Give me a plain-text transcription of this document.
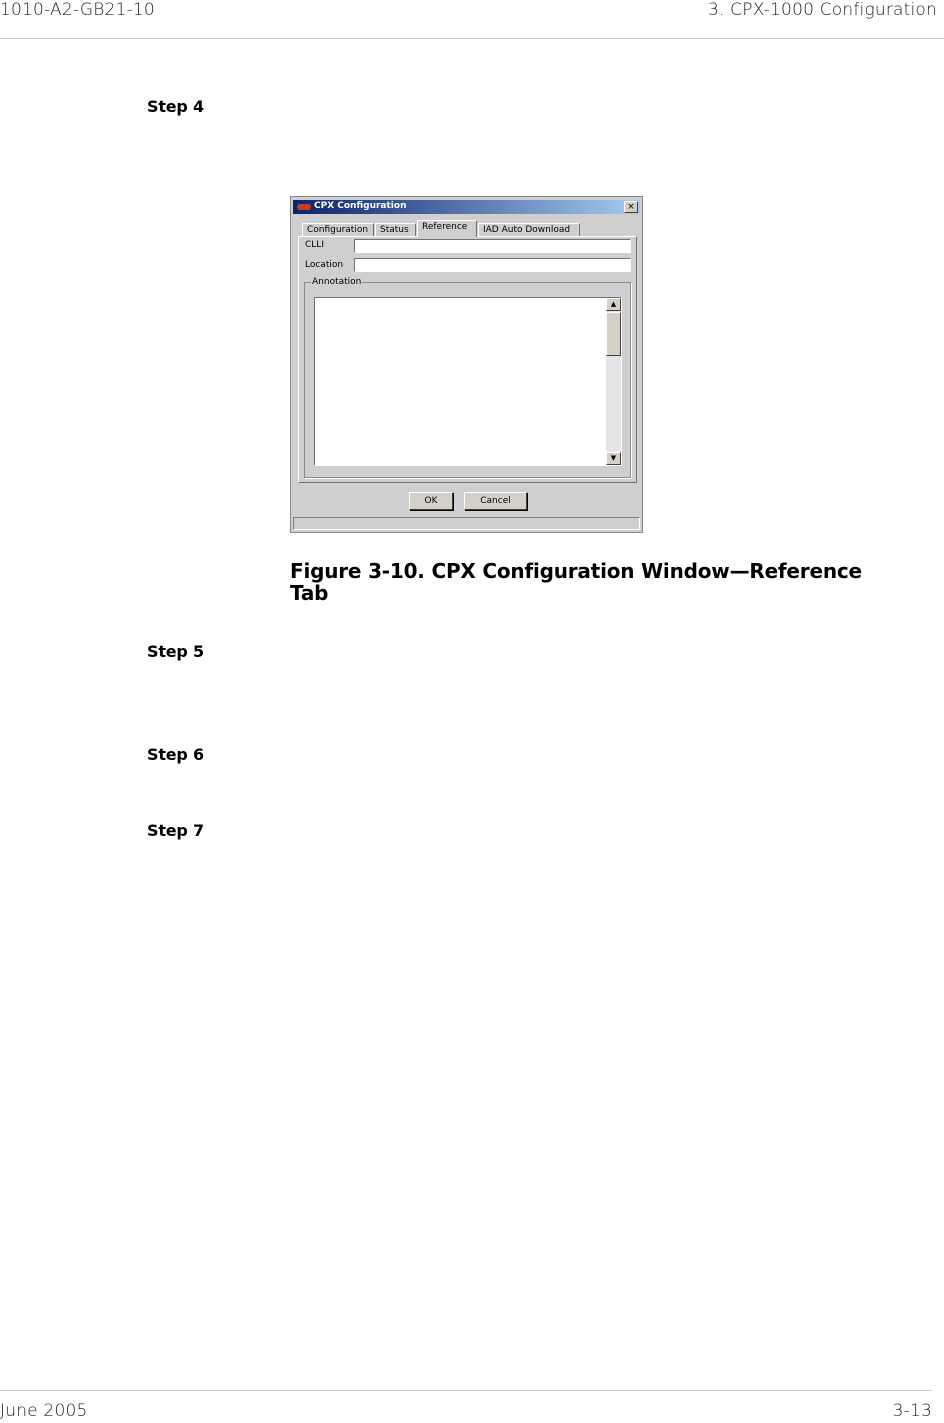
1010-A2-GB21-10	3. CPX-1000 Configuration
Step 4
CPX Configuration	×
Configuration	Status	Reference	IAD Auto Download
CLLI
Location
Annotation
▲
▼
OK	Cancel
Figure 3-10. CPX Configuration Window—Reference
Tab
Step 5
Step 6
Step 7
June 2005	3-13
